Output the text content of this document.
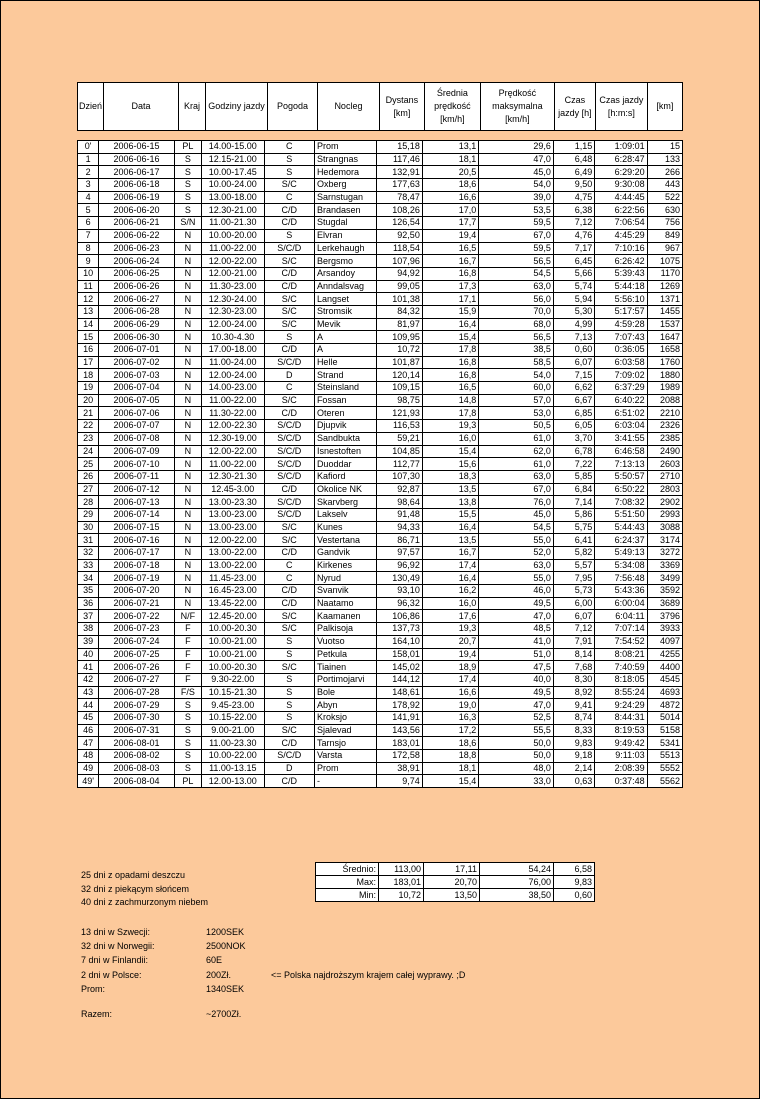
Dzień	Data	Kraj	Godziny jazdy	Pogoda	Nocleg	Dystans [km]	Średnia prędkość [km/h]	Prędkość maksymalna [km/h]	Czas jazdy [h]	Czas jazdy [h:m:s]	[km]
0'	2006-06-15	PL	14.00-15.00	C	Prom	15,18	13,1	29,6	1,15	1:09:01	15
1	2006-06-16	S	12.15-21.00	S	Strangnas	117,46	18,1	47,0	6,48	6:28:47	133
2	2006-06-17	S	10.00-17.45	S	Hedemora	132,91	20,5	45,0	6,49	6:29:20	266
3	2006-06-18	S	10.00-24.00	S/C	Oxberg	177,63	18,6	54,0	9,50	9:30:08	443
4	2006-06-19	S	13.00-18.00	C	Sarnstugan	78,47	16,6	39,0	4,75	4:44:45	522
5	2006-06-20	S	12.30-21.00	C/D	Brandasen	108,26	17,0	53,5	6,38	6:22:56	630
6	2006-06-21	S/N	11.00-21.30	C/D	Stugdal	126,54	17,7	59,5	7,12	7:06:54	756
7	2006-06-22	N	10.00-20.00	S	Elvran	92,50	19,4	67,0	4,76	4:45:29	849
8	2006-06-23	N	11.00-22.00	S/C/D	Lerkehaugh	118,54	16,5	59,5	7,17	7:10:16	967
9	2006-06-24	N	12.00-22.00	S/C	Bergsmo	107,96	16,7	56,5	6,45	6:26:42	1075
10	2006-06-25	N	12.00-21.00	C/D	Arsandoy	94,92	16,8	54,5	5,66	5:39:43	1170
11	2006-06-26	N	11.30-23.00	C/D	Anndalsvag	99,05	17,3	63,0	5,74	5:44:18	1269
12	2006-06-27	N	12.30-24.00	S/C	Langset	101,38	17,1	56,0	5,94	5:56:10	1371
13	2006-06-28	N	12.30-23.00	S/C	Stromsik	84,32	15,9	70,0	5,30	5:17:57	1455
14	2006-06-29	N	12.00-24.00	S/C	Mevik	81,97	16,4	68,0	4,99	4:59:28	1537
15	2006-06-30	N	10.30-4.30	S	A	109,95	15,4	56,5	7,13	7:07:43	1647
16	2006-07-01	N	17.00-18.00	C/D	A	10,72	17,8	38,5	0,60	0:36:05	1658
17	2006-07-02	N	11.00-24.00	S/C/D	Helle	101,87	16,8	58,5	6,07	6:03:58	1760
18	2006-07-03	N	12.00-24.00	D	Strand	120,14	16,8	54,0	7,15	7:09:02	1880
19	2006-07-04	N	14.00-23.00	C	Steinsland	109,15	16,5	60,0	6,62	6:37:29	1989
20	2006-07-05	N	11.00-22.00	S/C	Fossan	98,75	14,8	57,0	6,67	6:40:22	2088
21	2006-07-06	N	11.30-22.00	C/D	Oteren	121,93	17,8	53,0	6,85	6:51:02	2210
22	2006-07-07	N	12.00-22.30	S/C/D	Djupvik	116,53	19,3	50,5	6,05	6:03:04	2326
23	2006-07-08	N	12.30-19.00	S/C/D	Sandbukta	59,21	16,0	61,0	3,70	3:41:55	2385
24	2006-07-09	N	12.00-22.00	S/C/D	Isnestoften	104,85	15,4	62,0	6,78	6:46:58	2490
25	2006-07-10	N	11.00-22.00	S/C/D	Duoddar	112,77	15,6	61,0	7,22	7:13:13	2603
26	2006-07-11	N	12.30-21.30	S/C/D	Kafiord	107,30	18,3	63,0	5,85	5:50:57	2710
27	2006-07-12	N	12.45-3.00	C/D	Okolice NK	92,87	13,5	67,0	6,84	6:50:22	2803
28	2006-07-13	N	13.00-23.30	S/C/D	Skarvberg	98,64	13,8	76,0	7,14	7:08:32	2902
29	2006-07-14	N	13.00-23.00	S/C/D	Lakselv	91,48	15,5	45,0	5,86	5:51:50	2993
30	2006-07-15	N	13.00-23.00	S/C	Kunes	94,33	16,4	54,5	5,75	5:44:43	3088
31	2006-07-16	N	12.00-22.00	S/C	Vestertana	86,71	13,5	55,0	6,41	6:24:37	3174
32	2006-07-17	N	13.00-22.00	C/D	Gandvik	97,57	16,7	52,0	5,82	5:49:13	3272
33	2006-07-18	N	13.00-22.00	C	Kirkenes	96,92	17,4	63,0	5,57	5:34:08	3369
34	2006-07-19	N	11.45-23.00	C	Nyrud	130,49	16,4	55,0	7,95	7:56:48	3499
35	2006-07-20	N	16.45-23.00	C/D	Svanvik	93,10	16,2	46,0	5,73	5:43:36	3592
36	2006-07-21	N	13.45-22.00	C/D	Naatamo	96,32	16,0	49,5	6,00	6:00:04	3689
37	2006-07-22	N/F	12.45-20.00	S/C	Kaamanen	106,86	17,6	47,0	6,07	6:04:11	3796
38	2006-07-23	F	10.00-20.30	S/C	Palkisoja	137,73	19,3	48,5	7,12	7:07:14	3933
39	2006-07-24	F	10.00-21.00	S	Vuotso	164,10	20,7	41,0	7,91	7:54:52	4097
40	2006-07-25	F	10.00-21.00	S	Petkula	158,01	19,4	51,0	8,14	8:08:21	4255
41	2006-07-26	F	10.00-20.30	S/C	Tiainen	145,02	18,9	47,5	7,68	7:40:59	4400
42	2006-07-27	F	9.30-22.00	S	Portimojarvi	144,12	17,4	40,0	8,30	8:18:05	4545
43	2006-07-28	F/S	10.15-21.30	S	Bole	148,61	16,6	49,5	8,92	8:55:24	4693
44	2006-07-29	S	9.45-23.00	S	Abyn	178,92	19,0	47,0	9,41	9:24:29	4872
45	2006-07-30	S	10.15-22.00	S	Kroksjo	141,91	16,3	52,5	8,74	8:44:31	5014
46	2006-07-31	S	9.00-21.00	S/C	Sjalevad	143,56	17,2	55,5	8,33	8:19:53	5158
47	2006-08-01	S	11.00-23.30	C/D	Tarnsjo	183,01	18,6	50,0	9,83	9:49:42	5341
48	2006-08-02	S	10.00-22.00	S/C/D	Varsta	172,58	18,8	50,0	9,18	9:11:03	5513
49	2006-08-03	S	11.00-13.15	D	Prom	38,91	18,1	48,0	2,14	2:08:39	5552
49'	2006-08-04	PL	12.00-13.00	C/D	-	9,74	15,4	33,0	0,63	0:37:48	5562
Średnio:	113,00	17,11	54,24	6,58
Max:	183,01	20,70	76,00	9,83
Min:	10,72	13,50	38,50	0,60
25 dni z opadami deszczu
32 dni z piekącym słońcem
40 dni z zachmurzonym niebem
13 dni w Szwecji:	1200SEK
32 dni w Norwegii:	2500NOK
7 dni w Finlandii:	60E
2 dni w Polsce:	200Zł.	<= Polska najdroższym krajem całej wyprawy. ;D
Prom:	1340SEK
Razem:	~2700Zł.
